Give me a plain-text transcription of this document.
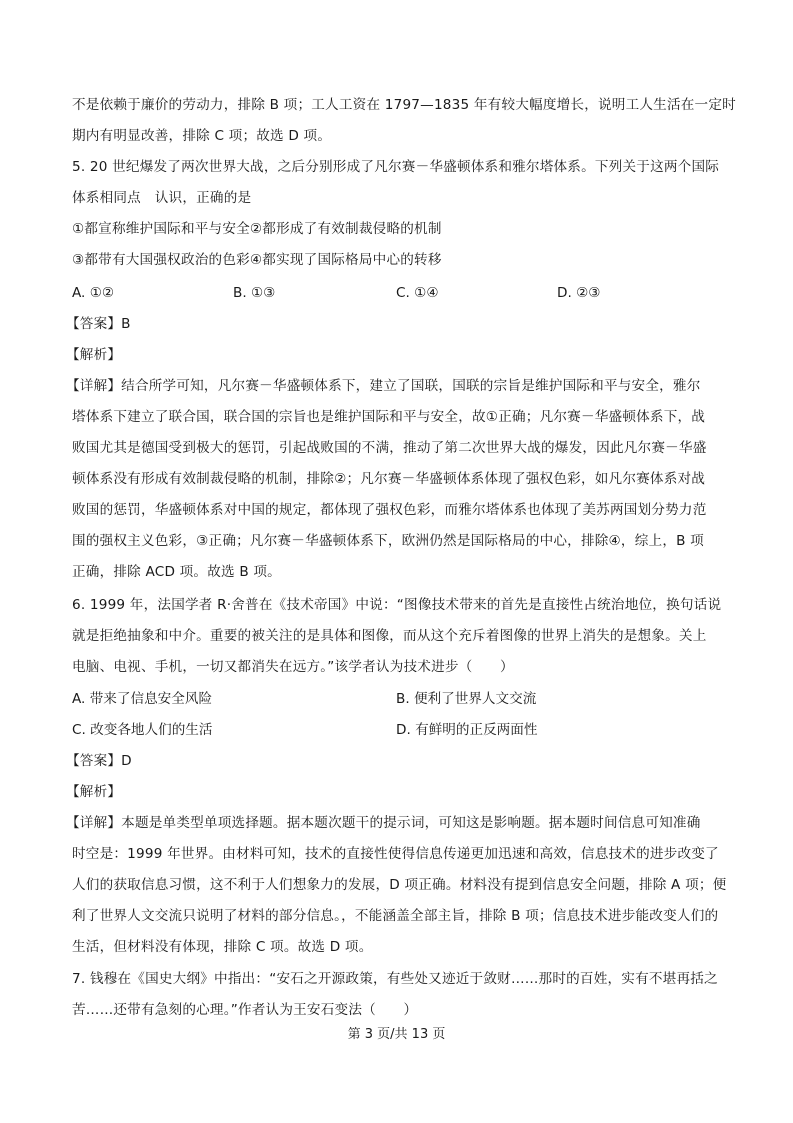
不是依赖于廉价的劳动力，排除 B 项；工人工资在 1797—1835 年有较大幅度增长，说明工人生活在一定时
期内有明显改善，排除 C 项；故选 D 项。
5. 20 世纪爆发了两次世界大战，之后分别形成了凡尔赛－华盛顿体系和雅尔塔体系。下列关于这两个国际
体系相同点　认识，正确的是
①都宣称维护国际和平与安全②都形成了有效制裁侵略的机制
③都带有大国强权政治的色彩④都实现了国际格局中心的转移
A. ①②	B. ①③	C. ①④	D. ②③
【答案】B
【解析】
【详解】结合所学可知，凡尔赛－华盛顿体系下，建立了国联，国联的宗旨是维护国际和平与安全，雅尔
塔体系下建立了联合国，联合国的宗旨也是维护国际和平与安全，故①正确；凡尔赛－华盛顿体系下，战
败国尤其是德国受到极大的惩罚，引起战败国的不满，推动了第二次世界大战的爆发，因此凡尔赛－华盛
顿体系没有形成有效制裁侵略的机制，排除②；凡尔赛－华盛顿体系体现了强权色彩，如凡尔赛体系对战
败国的惩罚，华盛顿体系对中国的规定，都体现了强权色彩，而雅尔塔体系也体现了美苏两国划分势力范
围的强权主义色彩，③正确；凡尔赛－华盛顿体系下，欧洲仍然是国际格局的中心，排除④，综上，B 项
正确，排除 ACD 项。故选 B 项。
6. 1999 年，法国学者 R·舍普在《技术帝国》中说：“图像技术带来的首先是直接性占统治地位，换句话说
就是拒绝抽象和中介。重要的被关注的是具体和图像，而从这个充斥着图像的世界上消失的是想象。关上
电脑、电视、手机，一切又都消失在远方。”该学者认为技术进步（　　）
A. 带来了信息安全风险	B. 便利了世界人文交流
C. 改变各地人们的生活	D. 有鲜明的正反两面性
【答案】D
【解析】
【详解】本题是单类型单项选择题。据本题次题干的提示词，可知这是影响题。据本题时间信息可知准确
时空是：1999 年世界。由材料可知，技术的直接性使得信息传递更加迅速和高效，信息技术的进步改变了
人们的获取信息习惯，这不利于人们想象力的发展，D 项正确。材料没有提到信息安全问题，排除 A 项；便
利了世界人文交流只说明了材料的部分信息。，不能涵盖全部主旨，排除 B 项；信息技术进步能改变人们的
生活，但材料没有体现，排除 C 项。故选 D 项。
7. 钱穆在《国史大纲》中指出：“安石之开源政策，有些处又迹近于敛财……那时的百姓，实有不堪再括之
苦……还带有急刻的心理。”作者认为王安石变法（　　）
第 3 页/共 13 页
